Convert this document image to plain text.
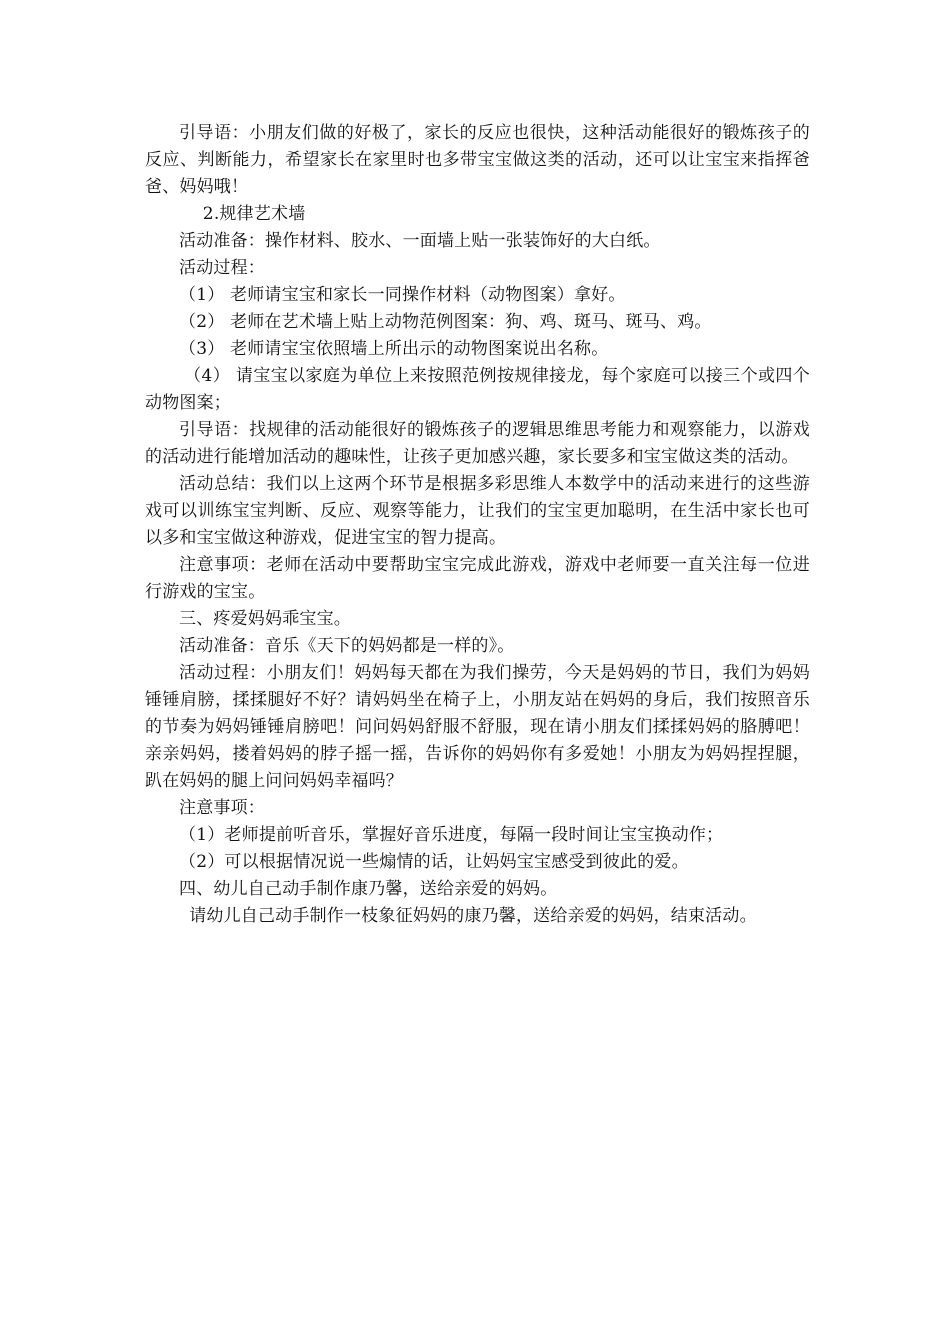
引导语：小朋友们做的好极了，家长的反应也很快，这种活动能很好的锻炼孩子的反应、判断能力，希望家长在家里时也多带宝宝做这类的活动，还可以让宝宝来指挥爸爸、妈妈哦！

2.规律艺术墙

活动准备：操作材料、胶水、一面墙上贴一张装饰好的大白纸。

活动过程：

（1） 老师请宝宝和家长一同操作材料（动物图案）拿好。

（2） 老师在艺术墙上贴上动物范例图案：狗、鸡、斑马、斑马、鸡。

（3） 老师请宝宝依照墙上所出示的动物图案说出名称。

（4） 请宝宝以家庭为单位上来按照范例按规律接龙，每个家庭可以接三个或四个动物图案；

引导语：找规律的活动能很好的锻炼孩子的逻辑思维思考能力和观察能力，以游戏的活动进行能增加活动的趣味性，让孩子更加感兴趣，家长要多和宝宝做这类的活动。

活动总结：我们以上这两个环节是根据多彩思维人本数学中的活动来进行的这些游戏可以训练宝宝判断、反应、观察等能力，让我们的宝宝更加聪明，在生活中家长也可以多和宝宝做这种游戏，促进宝宝的智力提高。

注意事项：老师在活动中要帮助宝宝完成此游戏，游戏中老师要一直关注每一位进行游戏的宝宝。

三、疼爱妈妈乖宝宝。

活动准备：音乐《天下的妈妈都是一样的》。

活动过程：小朋友们！妈妈每天都在为我们操劳，今天是妈妈的节日，我们为妈妈锤锤肩膀，揉揉腿好不好？请妈妈坐在椅子上，小朋友站在妈妈的身后，我们按照音乐的节奏为妈妈锤锤肩膀吧！问问妈妈舒服不舒服，现在请小朋友们揉揉妈妈的胳膊吧！亲亲妈妈，搂着妈妈的脖子摇一摇，告诉你的妈妈你有多爱她！小朋友为妈妈捏捏腿，趴在妈妈的腿上问问妈妈幸福吗？

注意事项：

（1）老师提前听音乐，掌握好音乐进度，每隔一段时间让宝宝换动作；

（2）可以根据情况说一些煽情的话，让妈妈宝宝感受到彼此的爱。

四、幼儿自己动手制作康乃馨，送给亲爱的妈妈。

请幼儿自己动手制作一枝象征妈妈的康乃馨，送给亲爱的妈妈，结束活动。
